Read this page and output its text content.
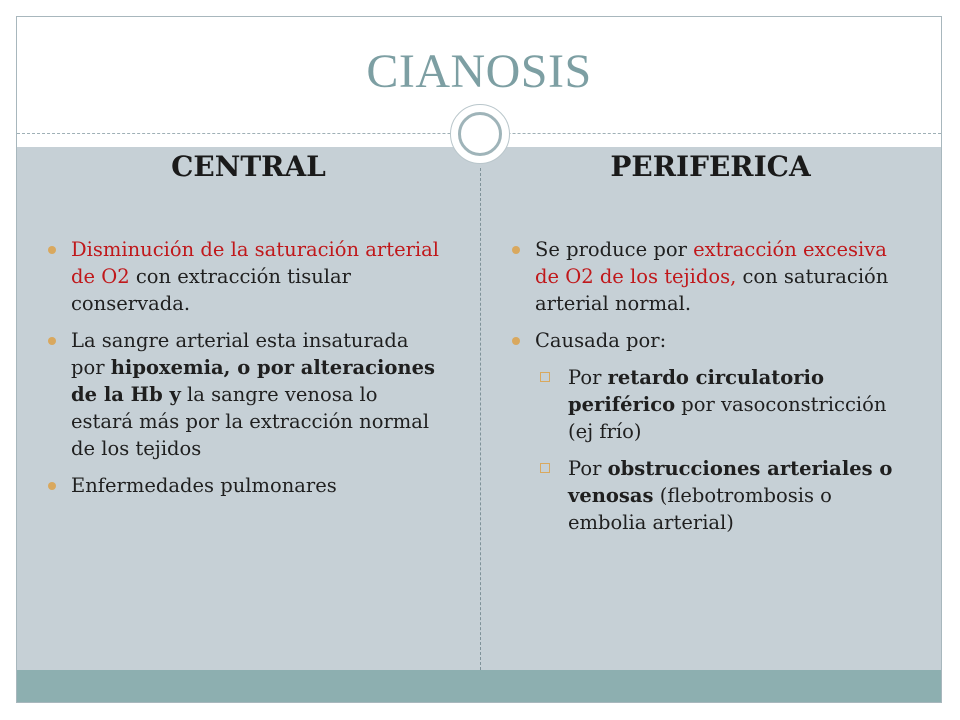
CIANOSIS
CENTRAL	PERIFERICA
Disminución de la saturación arterial de O2 con extracción tisular conservada.
La sangre arterial esta insaturada por hipoxemia, o por alteraciones de la Hb y la sangre venosa lo estará más por la extracción normal de los tejidos
Enfermedades pulmonares
Se produce por extracción excesiva de O2 de los tejidos, con saturación arterial normal.
Causada por:
Por retardo circulatorio periférico por vasoconstricción (ej frío)
Por obstrucciones arteriales o venosas (flebotrombosis o embolia arterial)
